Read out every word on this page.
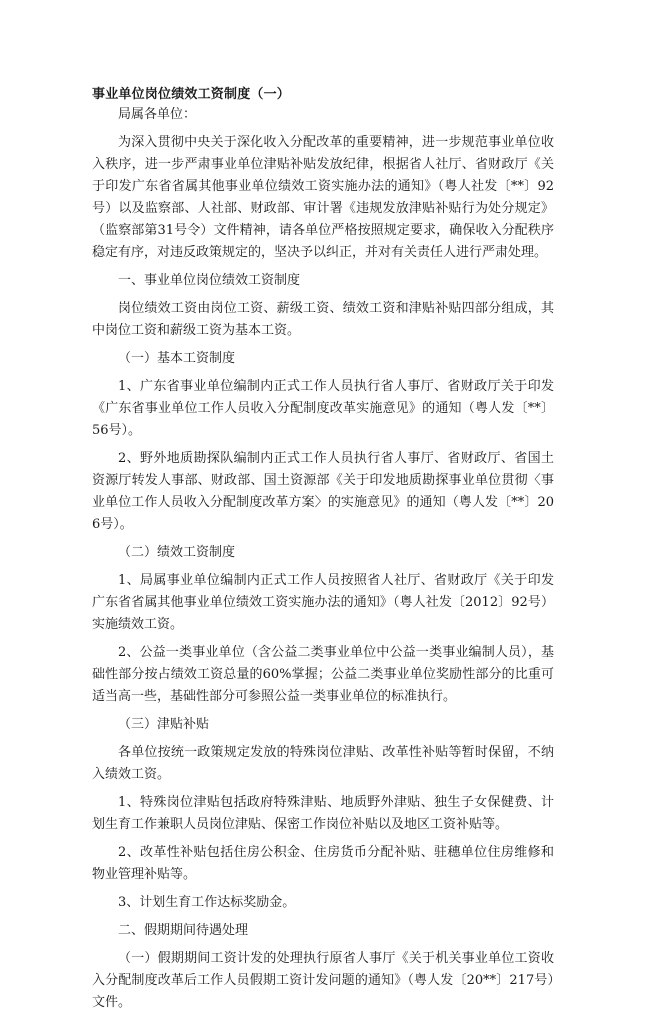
事业单位岗位绩效工资制度（一）

局属各单位：

为深入贯彻中央关于深化收入分配改革的重要精神，进一步规范事业单位收入秩序，进一步严肃事业单位津贴补贴发放纪律，根据省人社厅、省财政厅《关于印发广东省省属其他事业单位绩效工资实施办法的通知》（粤人社发〔**〕92号）以及监察部、人社部、财政部、审计署《违规发放津贴补贴行为处分规定》（监察部第31号令）文件精神，请各单位严格按照规定要求，确保收入分配秩序稳定有序，对违反政策规定的，坚决予以纠正，并对有关责任人进行严肃处理。

一、事业单位岗位绩效工资制度

岗位绩效工资由岗位工资、薪级工资、绩效工资和津贴补贴四部分组成，其中岗位工资和薪级工资为基本工资。

（一）基本工资制度

1、广东省事业单位编制内正式工作人员执行省人事厅、省财政厅关于印发《广东省事业单位工作人员收入分配制度改革实施意见》的通知（粤人发〔**〕56号）。

2、野外地质勘探队编制内正式工作人员执行省人事厅、省财政厅、省国土资源厅转发人事部、财政部、国土资源部《关于印发地质勘探事业单位贯彻〈事业单位工作人员收入分配制度改革方案〉的实施意见》的通知（粤人发〔**〕206号）。

（二）绩效工资制度

1、局属事业单位编制内正式工作人员按照省人社厅、省财政厅《关于印发广东省省属其他事业单位绩效工资实施办法的通知》（粤人社发〔2012〕92号）实施绩效工资。

2、公益一类事业单位（含公益二类事业单位中公益一类事业编制人员），基础性部分按占绩效工资总量的60%掌握；公益二类事业单位奖励性部分的比重可适当高一些，基础性部分可参照公益一类事业单位的标准执行。

（三）津贴补贴

各单位按统一政策规定发放的特殊岗位津贴、改革性补贴等暂时保留，不纳入绩效工资。

1、特殊岗位津贴包括政府特殊津贴、地质野外津贴、独生子女保健费、计划生育工作兼职人员岗位津贴、保密工作岗位补贴以及地区工资补贴等。

2、改革性补贴包括住房公积金、住房货币分配补贴、驻穗单位住房维修和物业管理补贴等。

3、计划生育工作达标奖励金。

二、假期期间待遇处理

（一）假期期间工资计发的处理执行原省人事厅《关于机关事业单位工资收入分配制度改革后工作人员假期工资计发问题的通知》（粤人发〔20**〕217号）文件。
